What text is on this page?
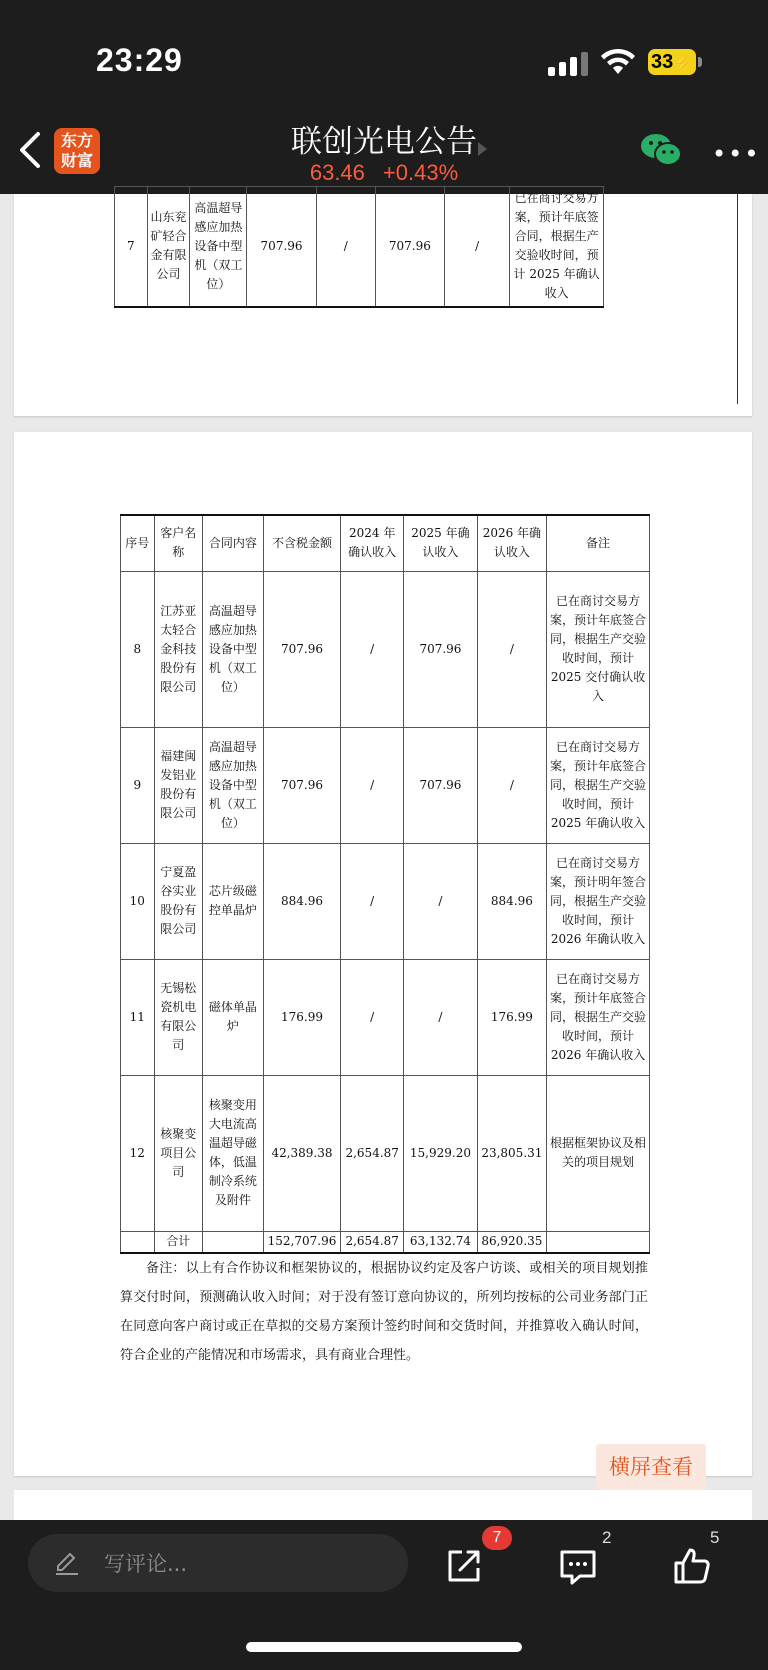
23:29	33⚡
东方
财富
联创光电公告
63.46 +0.43%
•••
7	山东兖矿轻合金有限公司	高温超导感应加热设备中型机（双工位）	707.96	/	707.96	/	已在商讨交易方案，预计年底签合同，根据生产交验收时间，预计 2025 年确认收入
序号	客户名称	合同内容	不含税金额	2024 年确认收入	2025 年确认收入	2026 年确认收入	备注
8	江苏亚太轻合金科技股份有限公司	高温超导感应加热设备中型机（双工位）	707.96	/	707.96	/	已在商讨交易方案，预计年底签合同，根据生产交验收时间，预计 2025 交付确认收入
9	福建闽发铝业股份有限公司	高温超导感应加热设备中型机（双工位）	707.96	/	707.96	/	已在商讨交易方案，预计年底签合同，根据生产交验收时间，预计 2025 年确认收入
10	宁夏盈谷实业股份有限公司	芯片级磁控单晶炉	884.96	/	/	884.96	已在商讨交易方案，预计明年签合同，根据生产交验收时间，预计 2026 年确认收入
11	无锡松瓷机电有限公司	磁体单晶炉	176.99	/	/	176.99	已在商讨交易方案，预计年底签合同，根据生产交验收时间，预计 2026 年确认收入
12	核聚变项目公司	核聚变用大电流高温超导磁体，低温制冷系统及附件	42,389.38	2,654.87	15,929.20	23,805.31	根据框架协议及相关的项目规划
	合计		152,707.96	2,654.87	63,132.74	86,920.35	

备注：以上有合作协议和框架协议的，根据协议约定及客户访谈、或相关的项目规划推算交付时间，预测确认收入时间；对于没有签订意向协议的，所列均按标的公司业务部门正在同意向客户商讨或正在草拟的交易方案预计签约时间和交货时间，并推算收入确认时间，符合企业的产能情况和市场需求，具有商业合理性。

横屏查看
写评论...
7	2	5
